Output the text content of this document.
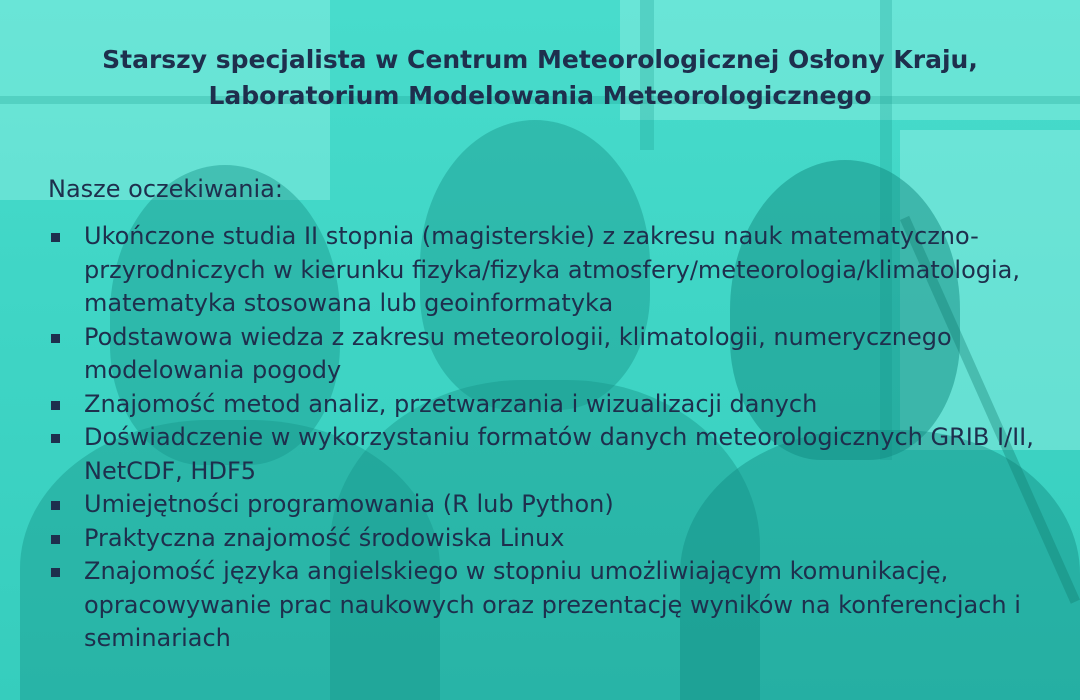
Starszy specjalista w Centrum Meteorologicznej Osłony Kraju,
Laboratorium Modelowania Meteorologicznego

Nasze oczekiwania:

Ukończone studia II stopnia (magisterskie) z zakresu nauk matematyczno-przyrodniczych w kierunku fizyka/fizyka atmosfery/meteorologia/klimatologia, matematyka stosowana lub geoinformatyka
Podstawowa wiedza z zakresu meteorologii, klimatologii, numerycznego modelowania pogody
Znajomość metod analiz, przetwarzania i wizualizacji danych
Doświadczenie w wykorzystaniu formatów danych meteorologicznych GRIB I/II, NetCDF, HDF5
Umiejętności programowania (R lub Python)
Praktyczna znajomość środowiska Linux
Znajomość języka angielskiego w stopniu umożliwiającym komunikację, opracowywanie prac naukowych oraz prezentację wyników na konferencjach i seminariach
